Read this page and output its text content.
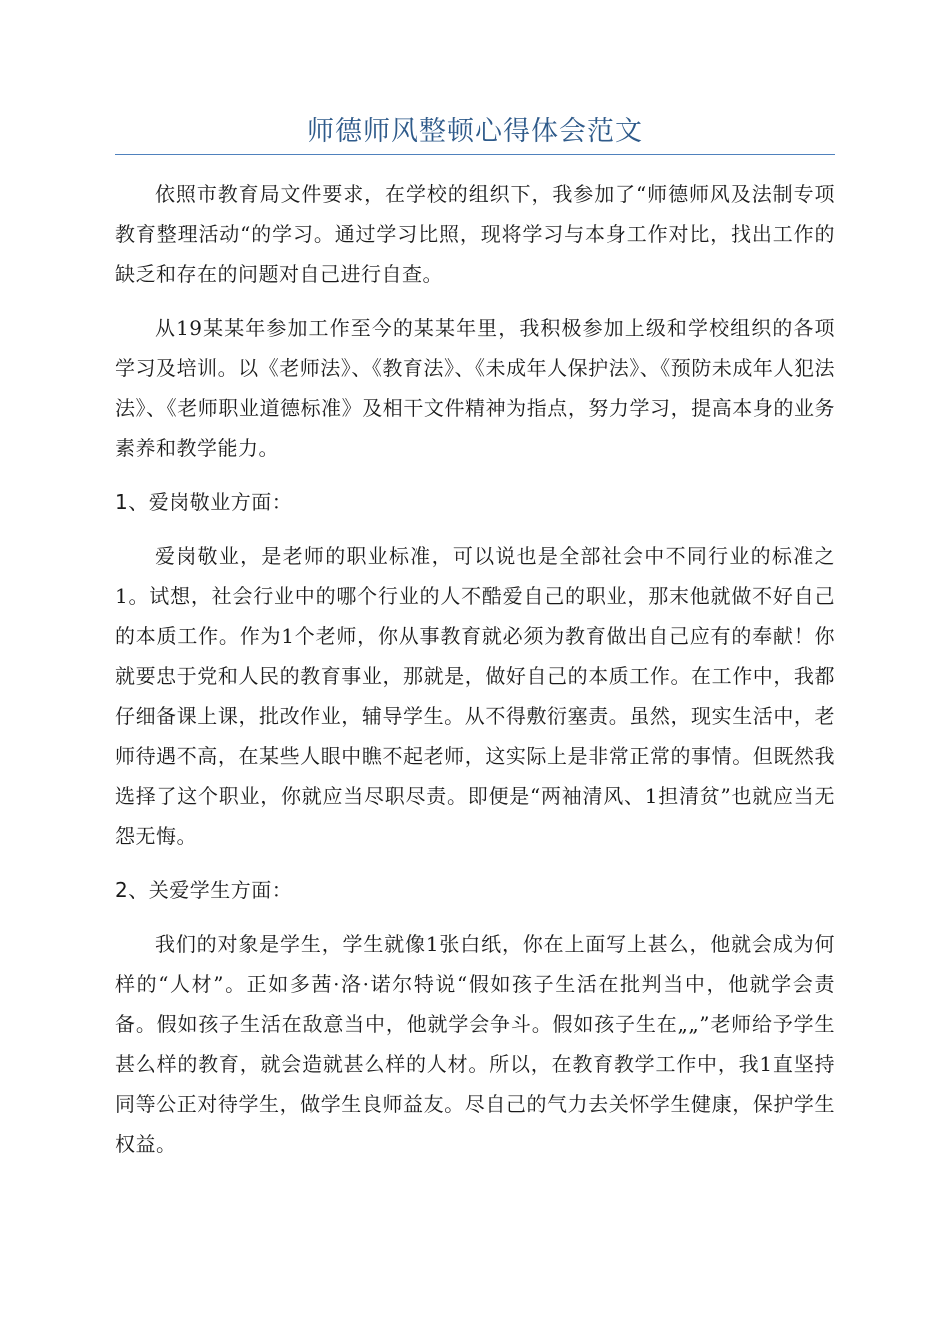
师德师风整顿心得体会范文

依照市教育局文件要求，在学校的组织下，我参加了“师德师风及法制专项教育整理活动“的学习。通过学习比照，现将学习与本身工作对比，找出工作的缺乏和存在的问题对自己进行自查。

从19某某年参加工作至今的某某年里，我积极参加上级和学校组织的各项学习及培训。以《老师法》、《教育法》、《未成年人保护法》、《预防未成年人犯法法》、《老师职业道德标准》及相干文件精神为指点，努力学习，提高本身的业务素养和教学能力。

1、爱岗敬业方面：

爱岗敬业，是老师的职业标准，可以说也是全部社会中不同行业的标准之1。试想，社会行业中的哪个行业的人不酷爱自己的职业，那末他就做不好自己的本质工作。作为1个老师，你从事教育就必须为教育做出自己应有的奉献！你就要忠于党和人民的教育事业，那就是，做好自己的本质工作。在工作中，我都仔细备课上课，批改作业，辅导学生。从不得敷衍塞责。虽然，现实生活中，老师待遇不高，在某些人眼中瞧不起老师，这实际上是非常正常的事情。但既然我选择了这个职业，你就应当尽职尽责。即便是“两袖清风、1担清贫”也就应当无怨无悔。

2、关爱学生方面：

我们的对象是学生，学生就像1张白纸，你在上面写上甚么，他就会成为何样的“人材”。正如多茜·洛·诺尔特说“假如孩子生活在批判当中，他就学会责备。假如孩子生活在敌意当中，他就学会争斗。假如孩子生在„„”老师给予学生甚么样的教育，就会造就甚么样的人材。所以，在教育教学工作中，我1直坚持同等公正对待学生，做学生良师益友。尽自己的气力去关怀学生健康，保护学生权益。
